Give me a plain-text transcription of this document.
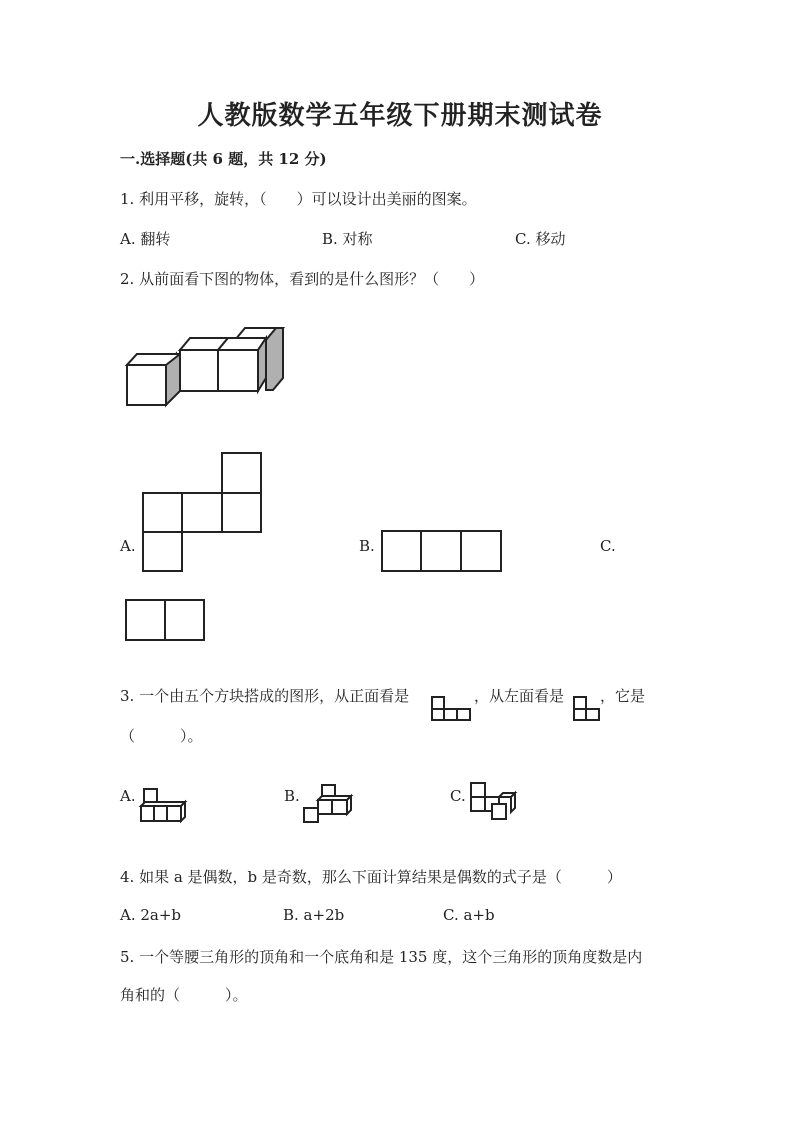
人教版数学五年级下册期末测试卷
一.选择题(共 6 题，共 12 分)
1. 利用平移，旋转，（　　）可以设计出美丽的图案。
A. 翻转	B. 对称	C. 移动
2. 从前面看下图的物体，看到的是什么图形？（　　）
A.	B.	C.
3. 一个由五个方块搭成的图形，从正面看是	，从左面看是 ，它是
（　　　）。
A.	B.	C.
4. 如果 a 是偶数，b 是奇数，那么下面计算结果是偶数的式子是（　　　）
A. 2a+b	B. a+2b	C. a+b
5. 一个等腰三角形的顶角和一个底角和是 135 度，这个三角形的顶角度数是内
角和的（　　　）。
